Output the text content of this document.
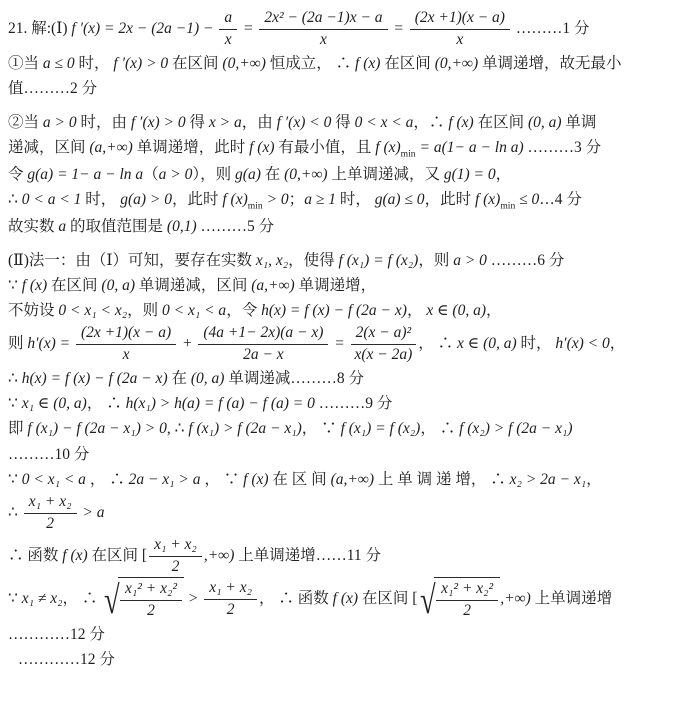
21. 解:(Ⅰ) f $'(x) = 2x - (2a -1) - \frac{a}{x} = \frac{\text{2x² − (2a −1)x − a}}{x} = \frac{(2x +1)(x - a)}{x}$ ………1 分
①当 a ≤ 0 时， f ′(x) > 0 在区间 (0,+∞) 恒成立， ∴ f (x) 在区间 (0,+∞) 单调递增，故无最小
值………2 分
②当 a > 0 时，由 f ′(x) > 0 得 x > a，由 f ′(x) < 0 得 0 < x < a，∴ f (x) 在区间 (0, a) 单调
递减，区间 (a,+∞) 单调递增，此时 f (x) 有最小值，且 f $(x)_{min} = a(1- a - \ln a)$ ………3 分
令 g(a) = 1− a − ln a（a > 0），则 g(a) 在 (0,+∞) 上单调递减，又 g(1) = 0，
∴ 0 < a < 1 时， g(a) > 0，此时 f $(x)_{min} > 0$；a ≥ 1 时， g(a) ≤ 0，此时 f $(x)_{min}$ ≤ 0…4 分
故实数 a 的取值范围是 (0,1) ………5 分
(Ⅱ)法一：由（Ⅰ）可知，要存在实数 x₁, x₂，使得 f (x₁) = f (x₂)，则 a > 0 ………6 分
∵ f (x) 在区间 (0, a) 单调递减，区间 (a,+∞) 单调递增，
不妨设 0 < x₁ < x₂，则 0 < x₁ < a，令 h(x) = f (x) − f (2a − x)， x ∈ (0, a)，
则 $h'(x) = \frac{(2x +1)(x - a)}{x} + \frac{(4a +1- 2x)(a - x)}{2a - x} = \frac{\text{2(x − a)²}}{x(x - 2a)}$ ， ∴ x ∈ (0, a) 时， h′(x) < 0，
∴ h(x) = f (x) − f (2a − x) 在 (0, a) 单调递减………8 分
∵ x₁ ∈ (0, a)， ∴ h(x₁) > h(a) = f (a) − f (a) = 0 ………9 分
即 f (x₁) − f (2a − x₁) > 0, ∴ f (x₁) > f (2a − x₁)， ∵ f (x₁) = f (x₂)， ∴ f (x₂) > f (2a − x₁)
………10 分
∵ 0 < x₁ < a ， ∴ 2a − x₁ > a ， ∵ f (x) 在 区 间 (a,+∞) 上 单 调 递 增， ∴ x₂ > 2a − x₁，
∴ $\frac{\text{x₁ + x₂}}{2} > a$
∴ 函数 f (x) 在区间 [ $\frac{\text{x₁ + x₂}}{2}$ ,+∞) 上单调递增……11 分
∵ x₁ ≠ x₂， ∴ √
$\frac{\text{x₁² + x₂²}}{2} > \frac{\text{x₁ + x₂}}{2}$ ， ∴ 函数 f (x) 在区间 [ √
$\frac{\text{x₁² + x₂²}}{2}$ ,+∞) 上单调递增
…………12 分
…………12 分
